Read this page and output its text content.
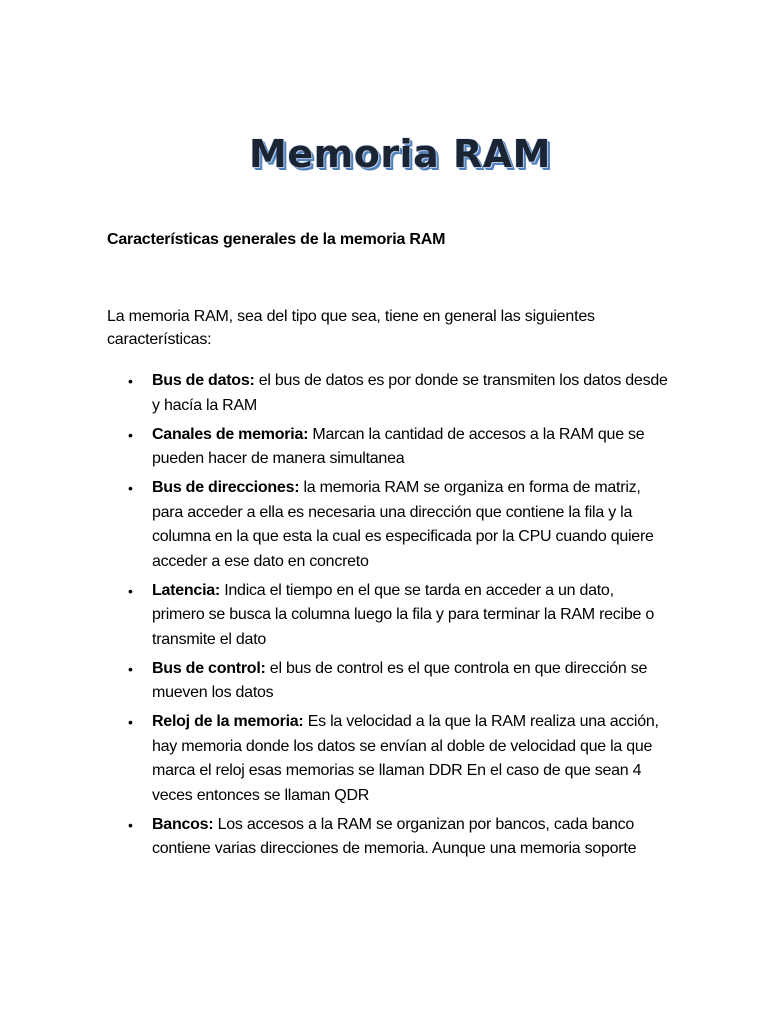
Memoria RAM
Características generales de la memoria RAM
La memoria RAM, sea del tipo que sea, tiene en general las siguientes características:
• Bus de datos: el bus de datos es por donde se transmiten los datos desde y hacía la RAM
• Canales de memoria: Marcan la cantidad de accesos a la RAM que se pueden hacer de manera simultanea
• Bus de direcciones: la memoria RAM se organiza en forma de matriz, para acceder a ella es necesaria una dirección que contiene la fila y la columna en la que esta la cual es especificada por la CPU cuando quiere acceder a ese dato en concreto
• Latencia: Indica el tiempo en el que se tarda en acceder a un dato, primero se busca la columna luego la fila y para terminar la RAM recibe o transmite el dato
• Bus de control: el bus de control es el que controla en que dirección se mueven los datos
• Reloj de la memoria: Es la velocidad a la que la RAM realiza una acción, hay memoria donde los datos se envían al doble de velocidad que la que marca el reloj esas memorias se llaman DDR En el caso de que sean 4 veces entonces se llaman QDR
• Bancos: Los accesos a la RAM se organizan por bancos, cada banco contiene varias direcciones de memoria. Aunque una memoria soporte
